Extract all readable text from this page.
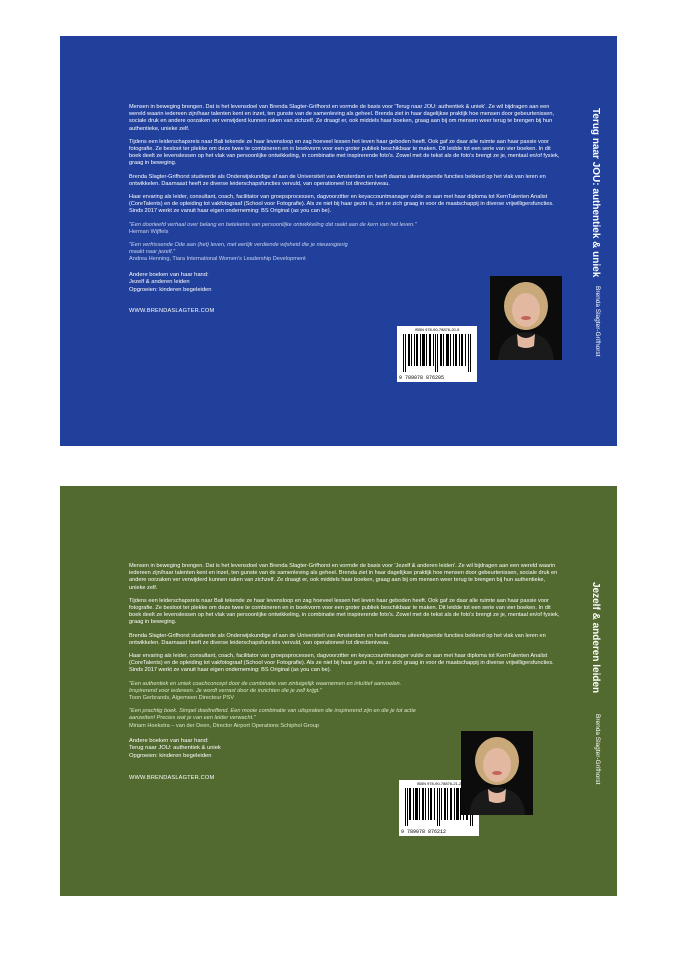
Mensen in beweging brengen. Dat is het levensdoel van Brenda Slagter-Grifhorst en vormde de basis voor 'Terug naar JOU: authentiek & uniek'. Ze wil bijdragen aan een wereld waarin iedereen zijn/haar talenten kent en inzet, ten gunste van de samenleving als geheel. Brenda ziet in haar dagelijkse praktijk hoe mensen door gebeurtenissen, sociale druk en andere oorzaken ver verwijderd kunnen raken van zichzelf. Ze draagt er, ook middels haar boeken, graag aan bij om mensen weer terug te brengen bij hun authentieke, unieke zelf.

Tijdens een leiderschapsreis naar Bali tekende ze haar levensloop en zag hoeveel lessen het leven haar geboden heeft. Ook gaf ze daar alle ruimte aan haar passie voor fotografie. Ze besloot ter plekke om deze twee te combineren en in boekvorm voor een groter publiek beschikbaar te maken. Dit leidde tot een serie van vier boeken. In dit boek deelt ze levenslessen op het vlak van persoonlijke ontwikkeling, in combinatie met inspirerende foto's. Zowel met de tekst als de foto's brengt ze je, mentaal en/of fysiek, graag in beweging.

Brenda Slagter-Grifhorst studeerde als Onderwijskundige af aan de Universiteit van Amsterdam en heeft daarna uiteenlopende functies bekleed op het vlak van leren en ontwikkelen. Daarnaast heeft ze diverse leiderschapsfuncties vervuld, van operationeel tot directieniveau.

Haar ervaring als leider, consultant, coach, facilitator van groepsprocessen, dagvoorzitter en keyaccountmanager vulde ze aan met haar diploma tot KernTalenten Analist (CoreTalents) en de opleiding tot vakfotograaf (School voor Fotografie). Als ze niet bij haar gezin is, zet ze zich graag in voor de maatschappij in diverse vrijwilligersfuncties. Sinds 2017 werkt ze vanuit haar eigen onderneming: BS Original (as you can be).

"Een doorleefd verhaal over belang en betekenis van persoonlijke ontwikkeling dat raakt aan de kern van het leven."
Herman Wijffels
"Een verfrissende Ode aan (het) leven, met eerlijk verdiende wijsheid die je nieuwsgierig maakt naar jezelf."
Andrea Henning, Tiara International Women's Leadership Development
Andere boeken van haar hand:
Jezelf & anderen leiden
Opgroeien: kinderen begeleiden
WWW.BRENDASLAGTER.COM
ISBN 978-90-78876-20-5
9 789078 876205
Terug naar JOU: authentiek & uniek
Brenda Slagter-Grifhorst

Mensen in beweging brengen. Dat is het levensdoel van Brenda Slagter-Grifhorst en vormde de basis voor 'Jezelf & anderen leiden'. Ze wil bijdragen aan een wereld waarin iedereen zijn/haar talenten kent en inzet, ten gunste van de samenleving als geheel. Brenda ziet in haar dagelijkse praktijk hoe mensen door gebeurtenissen, sociale druk en andere oorzaken ver verwijderd kunnen raken van zichzelf. Ze draagt er, ook middels haar boeken, graag aan bij om mensen weer terug te brengen bij hun authentieke, unieke zelf.

Tijdens een leiderschapsreis naar Bali tekende ze haar levensloop en zag hoeveel lessen het leven haar geboden heeft. Ook gaf ze daar alle ruimte aan haar passie voor fotografie. Ze besloot ter plekke om deze twee te combineren en in boekvorm voor een groter publiek beschikbaar te maken. Dit leidde tot een serie van vier boeken. In dit boek deelt ze levenslessen op het vlak van persoonlijke ontwikkeling, in combinatie met inspirerende foto's. Zowel met de tekst als de foto's brengt ze je, mentaal en/of fysiek, graag in beweging.

Brenda Slagter-Grifhorst studeerde als Onderwijskundige af aan de Universiteit van Amsterdam en heeft daarna uiteenlopende functies bekleed op het vlak van leren en ontwikkelen. Daarnaast heeft ze diverse leiderschapsfuncties vervuld, van operationeel tot directieniveau.

Haar ervaring als leider, consultant, coach, facilitator van groepsprocessen, dagvoorzitter en keyaccountmanager vulde ze aan met haar diploma tot KernTalenten Analist (CoreTalents) en de opleiding tot vakfotograaf (School voor Fotografie). Als ze niet bij haar gezin is, zet ze zich graag in voor de maatschappij in diverse vrijwilligersfuncties. Sinds 2017 werkt ze vanuit haar eigen onderneming: BS Original (as you can be).

"Een authentiek en uniek coachconcept door de combinatie van zintuigelijk waarnemen en intuïtief aanvoelen. Inspirerend voor iedereen. Je wordt verrast door de inzichten die je zelf krijgt."
Toon Gerbrands, Algemeen Directeur PSV
"Een prachtig boek. Simpel doeltreffend. Een mooie combinatie van uitspraken die inspirerend zijn en die je tot actie aanzetten! Precies wat je van een leider verwacht."
Miriam Hoekstra – van der Deen, Director Airport Operations Schiphol Group
Andere boeken van haar hand:
Terug naar JOU: authentiek & uniek
Opgroeien: kinderen begeleiden
WWW.BRENDASLAGTER.COM
ISBN 978-90-78876-21-2
9 789078 876212
Jezelf & anderen leiden
Brenda Slagter-Grifhorst
